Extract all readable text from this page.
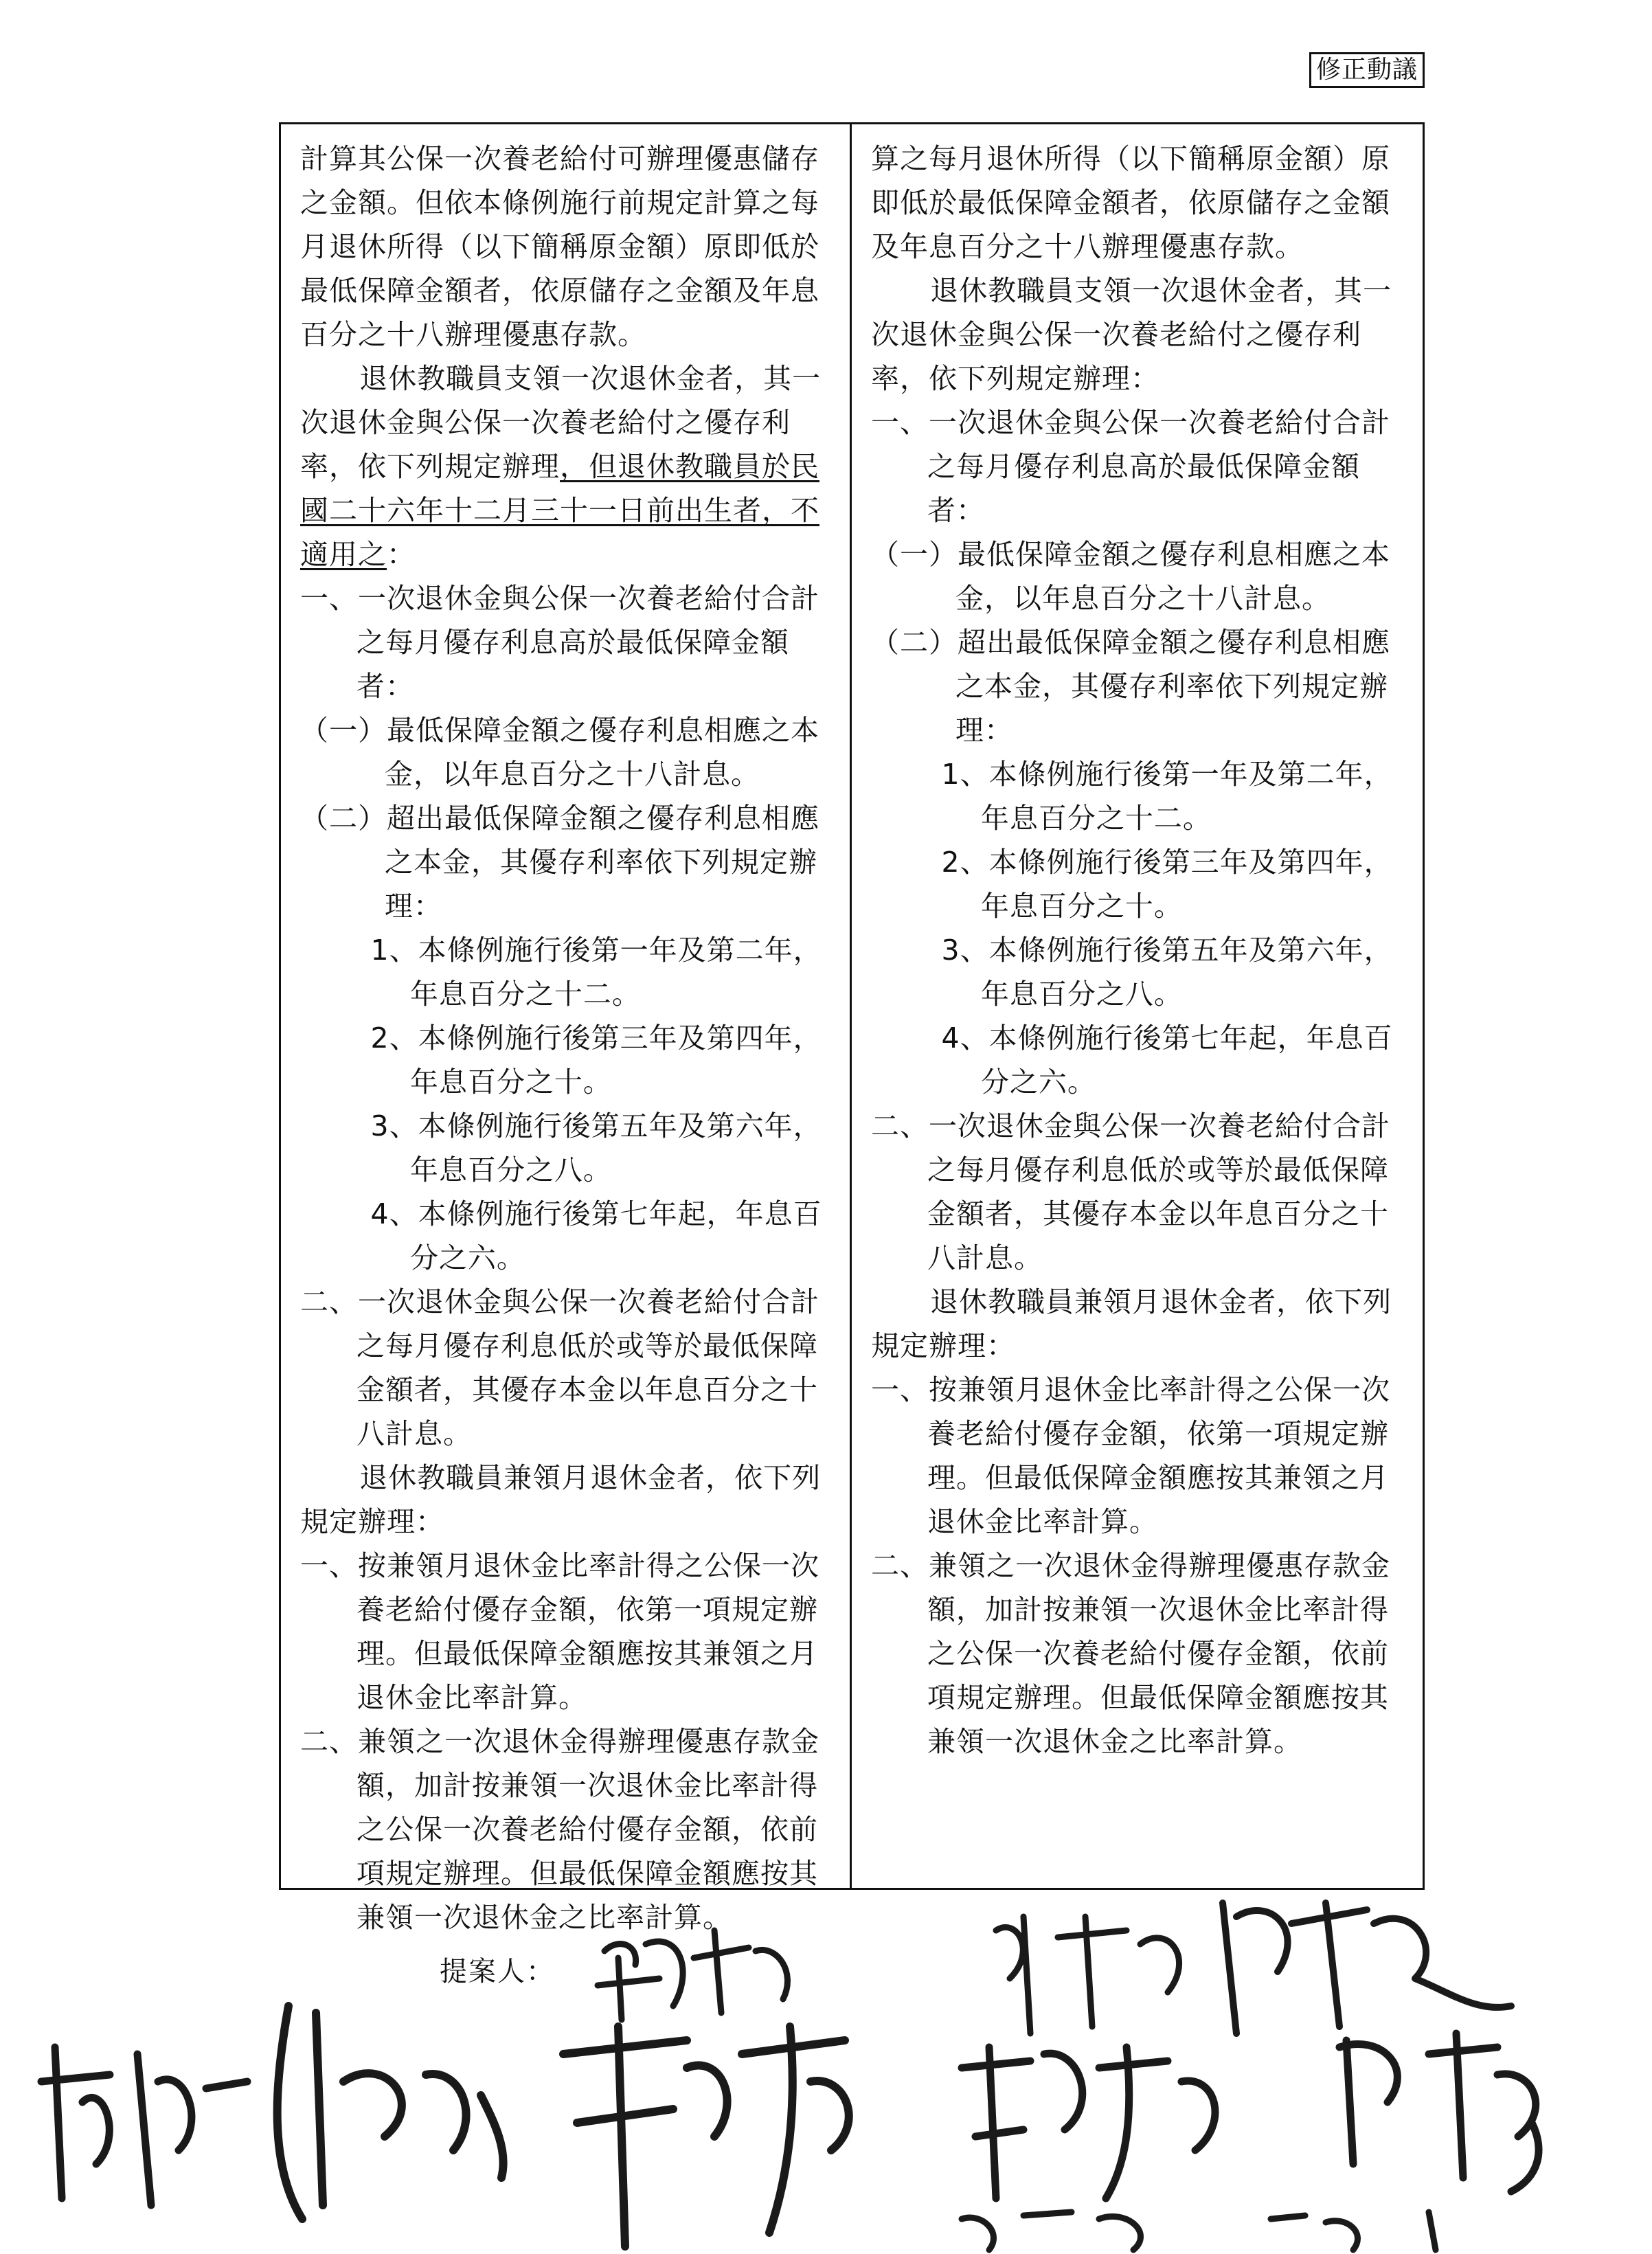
修正動議

計算其公保一次養老給付可辦理優惠儲存之金額。但依本條例施行前規定計算之每月退休所得（以下簡稱原金額）原即低於最低保障金額者，依原儲存之金額及年息百分之十八辦理優惠存款。

退休教職員支領一次退休金者，其一次退休金與公保一次養老給付之優存利率，依下列規定辦理，但退休教職員於民國二十六年十二月三十一日前出生者，不適用之：

一、一次退休金與公保一次養老給付合計之每月優存利息高於最低保障金額者：

（一）最低保障金額之優存利息相應之本金，以年息百分之十八計息。

（二）超出最低保障金額之優存利息相應之本金，其優存利率依下列規定辦理：

1、本條例施行後第一年及第二年，年息百分之十二。

2、本條例施行後第三年及第四年，年息百分之十。

3、本條例施行後第五年及第六年，年息百分之八。

4、本條例施行後第七年起，年息百分之六。

二、一次退休金與公保一次養老給付合計之每月優存利息低於或等於最低保障金額者，其優存本金以年息百分之十八計息。

退休教職員兼領月退休金者，依下列規定辦理：

一、按兼領月退休金比率計得之公保一次養老給付優存金額，依第一項規定辦理。但最低保障金額應按其兼領之月退休金比率計算。

二、兼領之一次退休金得辦理優惠存款金額，加計按兼領一次退休金比率計得之公保一次養老給付優存金額，依前項規定辦理。但最低保障金額應按其兼領一次退休金之比率計算。

算之每月退休所得（以下簡稱原金額）原即低於最低保障金額者，依原儲存之金額及年息百分之十八辦理優惠存款。

退休教職員支領一次退休金者，其一次退休金與公保一次養老給付之優存利率，依下列規定辦理：

一、一次退休金與公保一次養老給付合計之每月優存利息高於最低保障金額者：

（一）最低保障金額之優存利息相應之本金，以年息百分之十八計息。

（二）超出最低保障金額之優存利息相應之本金，其優存利率依下列規定辦理：

1、本條例施行後第一年及第二年，年息百分之十二。

2、本條例施行後第三年及第四年，年息百分之十。

3、本條例施行後第五年及第六年，年息百分之八。

4、本條例施行後第七年起，年息百分之六。

二、一次退休金與公保一次養老給付合計之每月優存利息低於或等於最低保障金額者，其優存本金以年息百分之十八計息。

退休教職員兼領月退休金者，依下列規定辦理：

一、按兼領月退休金比率計得之公保一次養老給付優存金額，依第一項規定辦理。但最低保障金額應按其兼領之月退休金比率計算。

二、兼領之一次退休金得辦理優惠存款金額，加計按兼領一次退休金比率計得之公保一次養老給付優存金額，依前項規定辦理。但最低保障金額應按其兼領一次退休金之比率計算。

提案人：
